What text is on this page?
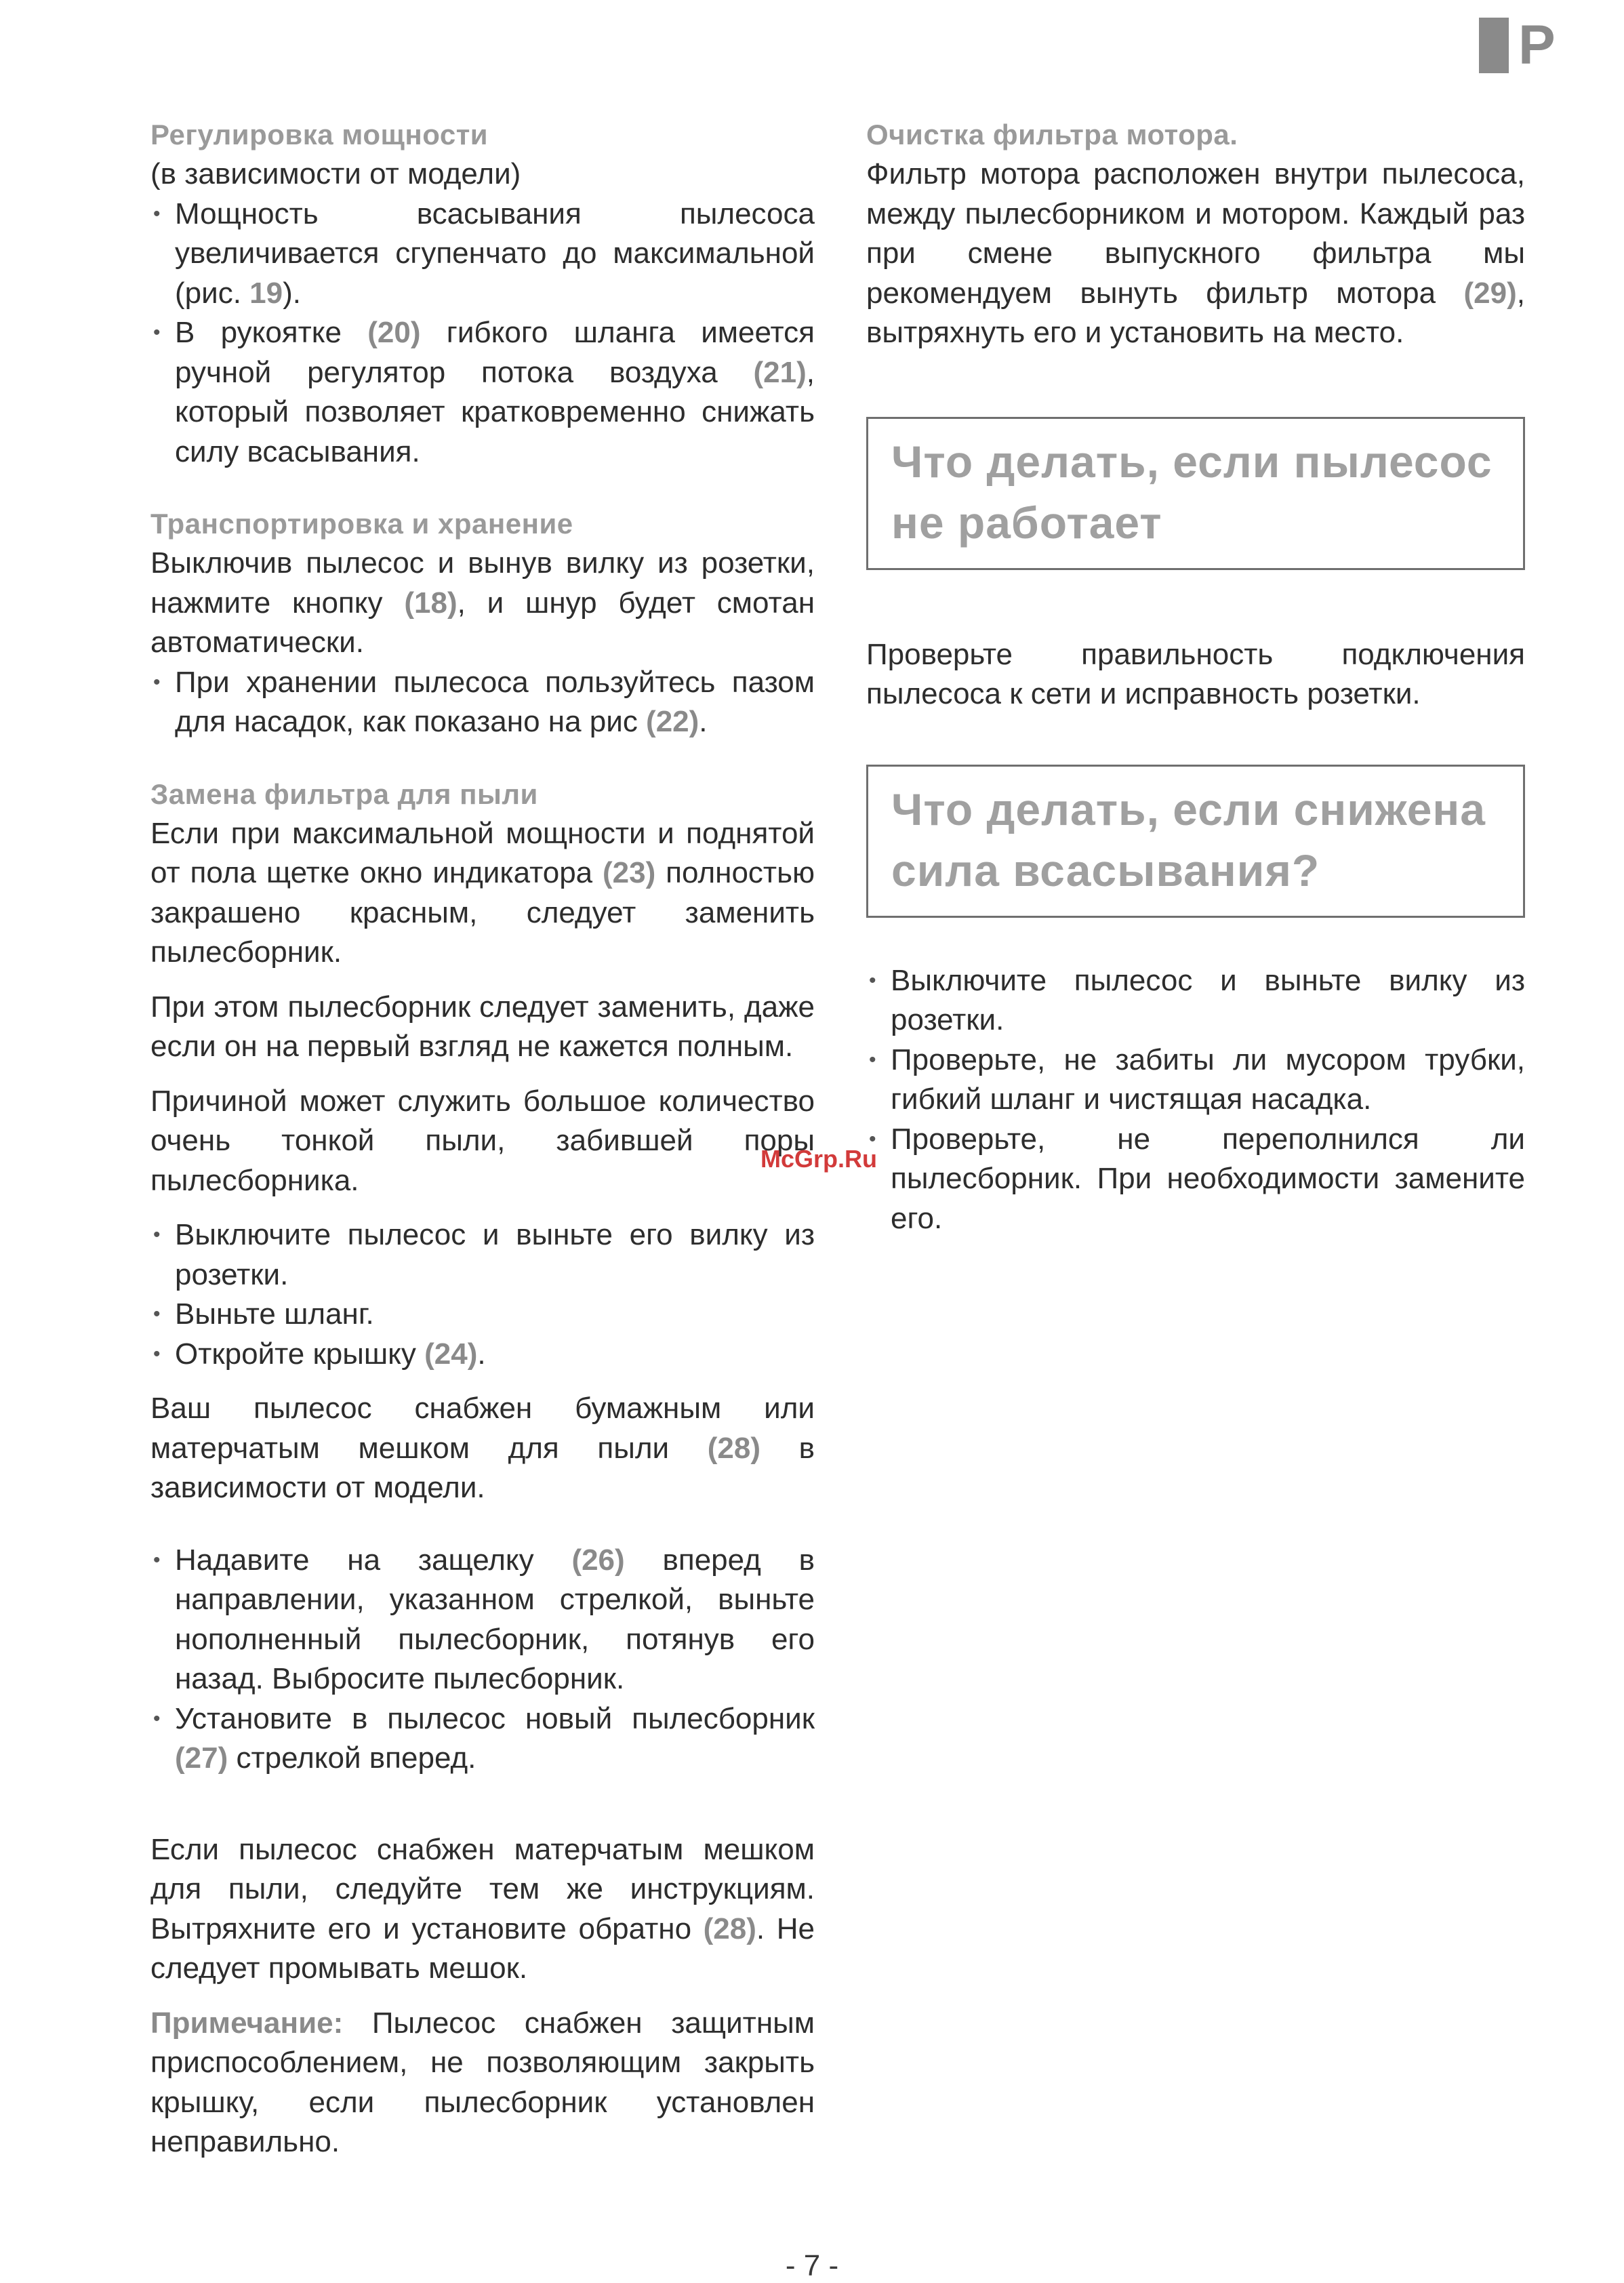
P
Регулировка мощности

(в зависимости от модели)

• Мощность всасывания пылесоса увеличивается сгупенчато до максимальной (рис. 19).
• В рукоятке (20) гибкого шланга имеется ручной регулятор потока воздуха (21), который позволяет кратковременно снижать силу всасывания.
Транспортировка и хранение

Выключив пылесос и вынув вилку из розетки, нажмите кнопку (18), и шнур будет смотан автоматически.

• При хранении пылесоса пользуйтесь пазом для насадок, как показано на рис (22).
Замена фильтра для пыли

Если при максимальной мощности и поднятой от пола щетке окно индикатора (23) полностью закрашено красным, следует заменить пылесборник.

При этом пылесборник следует заменить, даже если он на первый взгляд не кажется полным.

Причиной может служить большое количество очень тонкой пыли, забившей поры пылесборника.

• Выключите пылесос и выньте его вилку из розетки.
• Выньте шланг.
• Откройте крышку (24).

Ваш пылесос снабжен бумажным или матерчатым мешком для пыли (28) в зависимости от модели.

• Надавите на защелку (26) вперед в направлении, указанном стрелкой, выньте нополненный пылесборник, потянув его назад. Выбросите пылесборник.
• Установите в пылесос новый пылесборник (27) стрелкой вперед.

Если пылесос снабжен матерчатым мешком для пыли, следуйте тем же инструкциям. Вытряхните его и установите обратно (28). Не следует промывать мешок.

Примечание: Пылесос снабжен защитным приспособлением, не позволяющим закрыть крышку, если пылесборник установлен неправильно.

Очистка фильтра мотора.

Фильтр мотора расположен внутри пылесоса, между пылесборником и мотором. Каждый раз при смене выпускного фильтра мы рекомендуем вынуть фильтр мотора (29), вытряхнуть его и установить на место.

Что делать, если пылесос
не работает

Проверьте правильность подключения пылесоса к сети и исправность розетки.

Что делать, если снижена
сила всасывания?
• Выключите пылесос и выньте вилку из розетки.
• Проверьте, не забиты ли мусором трубки, гибкий шланг и чистящая насадка.
• Проверьте, не переполнился ли пылесборник. При необходимости замените его.
McGrp.Ru
- 7 -
